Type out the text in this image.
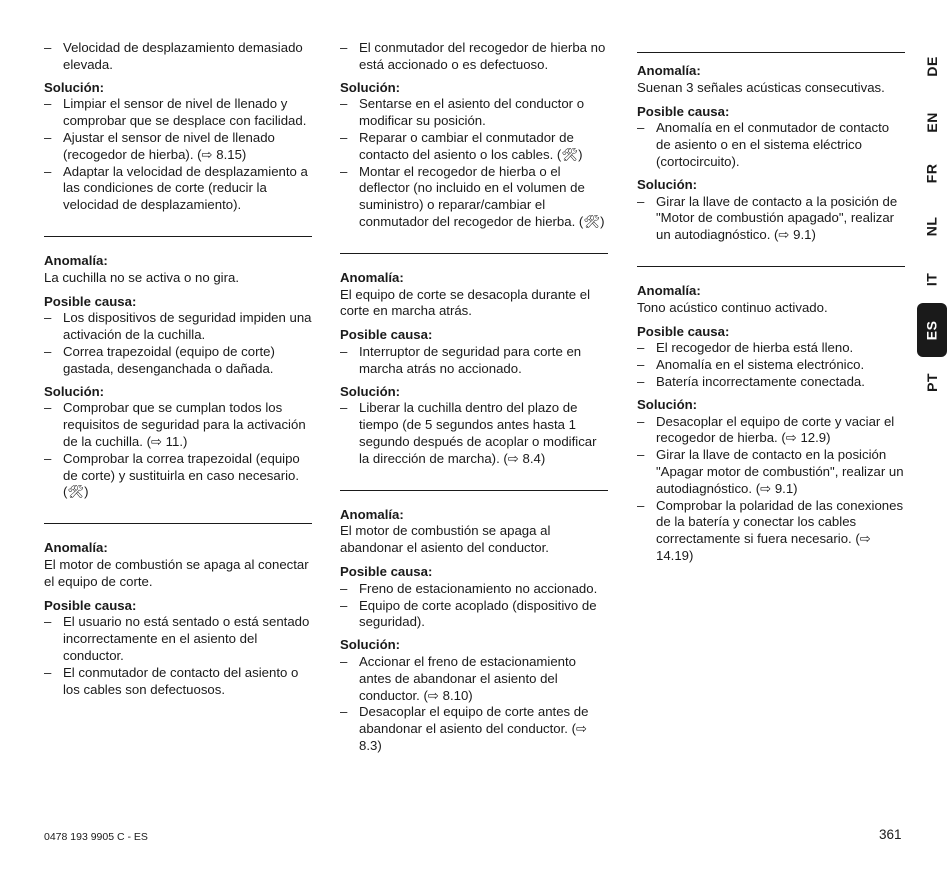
– Velocidad de desplazamiento demasiado elevada.
Solución:
– Limpiar el sensor de nivel de llenado y comprobar que se desplace con facilidad.
– Ajustar el sensor de nivel de llenado (recogedor de hierba). (⇨ 8.15)
– Adaptar la velocidad de desplazamiento a las condiciones de corte (reducir la velocidad de desplazamiento).
Anomalía:
La cuchilla no se activa o no gira.
Posible causa:
– Los dispositivos de seguridad impiden una activación de la cuchilla.
– Correa trapezoidal (equipo de corte) gastada, desenganchada o dañada.
Solución:
– Comprobar que se cumplan todos los requisitos de seguridad para la activación de la cuchilla. (⇨ 11.)
– Comprobar la correa trapezoidal (equipo de corte) y sustituirla en caso necesario. (🛠)
Anomalía:
El motor de combustión se apaga al conectar el equipo de corte.
Posible causa:
– El usuario no está sentado o está sentado incorrectamente en el asiento del conductor.
– El conmutador de contacto del asiento o los cables son defectuosos.
– El conmutador del recogedor de hierba no está accionado o es defectuoso.
Solución:
– Sentarse en el asiento del conductor o modificar su posición.
– Reparar o cambiar el conmutador de contacto del asiento o los cables. (🛠)
– Montar el recogedor de hierba o el deflector (no incluido en el volumen de suministro) o reparar/cambiar el conmutador del recogedor de hierba. (🛠)
Anomalía:
El equipo de corte se desacopla durante el corte en marcha atrás.
Posible causa:
– Interruptor de seguridad para corte en marcha atrás no accionado.
Solución:
– Liberar la cuchilla dentro del plazo de tiempo (de 5 segundos antes hasta 1 segundo después de acoplar o modificar la dirección de marcha). (⇨ 8.4)
Anomalía:
El motor de combustión se apaga al abandonar el asiento del conductor.
Posible causa:
– Freno de estacionamiento no accionado.
– Equipo de corte acoplado (dispositivo de seguridad).
Solución:
– Accionar el freno de estacionamiento antes de abandonar el asiento del conductor. (⇨ 8.10)
– Desacoplar el equipo de corte antes de abandonar el asiento del conductor. (⇨ 8.3)
Anomalía:
Suenan 3 señales acústicas consecutivas.
Posible causa:
– Anomalía en el conmutador de contacto de asiento o en el sistema eléctrico (cortocircuito).
Solución:
– Girar la llave de contacto a la posición de "Motor de combustión apagado", realizar un autodiagnóstico. (⇨ 9.1)
Anomalía:
Tono acústico continuo activado.
Posible causa:
– El recogedor de hierba está lleno.
– Anomalía en el sistema electrónico.
– Batería incorrectamente conectada.
Solución:
– Desacoplar el equipo de corte y vaciar el recogedor de hierba. (⇨ 12.9)
– Girar la llave de contacto en la posición "Apagar motor de combustión", realizar un autodiagnóstico. (⇨ 9.1)
– Comprobar la polaridad de las conexiones de la batería y conectar los cables correctamente si fuera necesario. (⇨ 14.19)
DE
EN
FR
NL
IT
ES
PT
0478 193 9905 C - ES	361
